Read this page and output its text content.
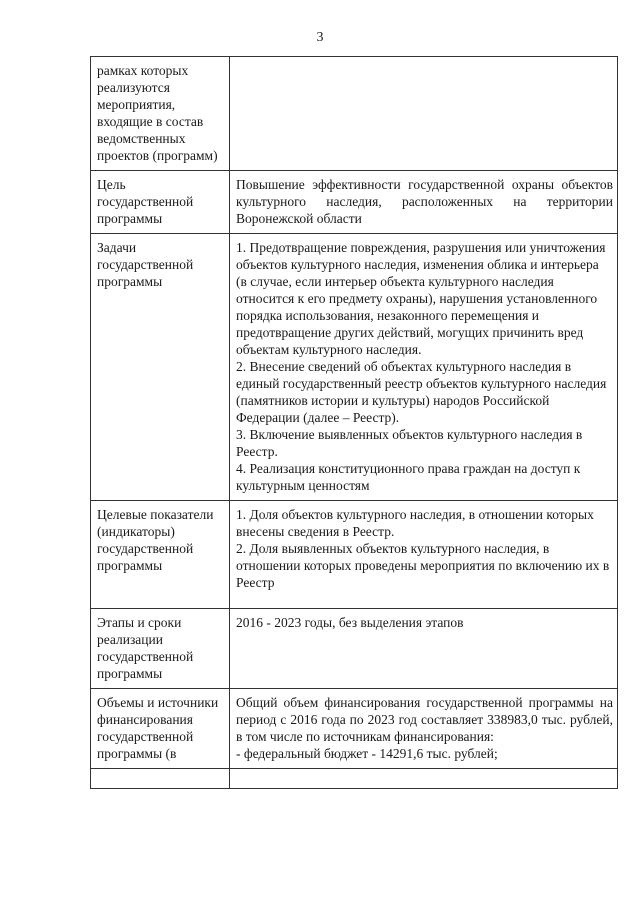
3
рамках которых реализуются мероприятия, входящие в состав ведомственных проектов (программ)	
Цель государственной программы	Повышение эффективности государственной охраны объектов культурного наследия, расположенных на территории Воронежской области

Задачи государственной программы	1. Предотвращение повреждения, разрушения или уничтожения объектов культурного наследия, изменения облика и интерьера (в случае, если интерьер объекта культурного наследия относится к его предмету охраны), нарушения установленного порядка использования, незаконного перемещения и предотвращение других действий, могущих причинить вред объектам культурного наследия.
2. Внесение сведений об объектах культурного наследия в единый государственный реестр объектов культурного наследия (памятников истории и культуры) народов Российской Федерации (далее – Реестр).
3. Включение выявленных объектов культурного наследия в Реестр.
4. Реализация конституционного права граждан на доступ к культурным ценностям

Целевые показатели (индикаторы) государственной программы	1. Доля объектов культурного наследия, в отношении которых внесены сведения в Реестр.
2. Доля выявленных объектов культурного наследия, в отношении которых проведены мероприятия по включению их в Реестр

Этапы и сроки реализации государственной программы	2016 - 2023 годы, без выделения этапов

Объемы и источники финансирования государственной программы (в	Общий объем финансирования государственной программы на период с 2016 года по 2023 год составляет 338983,0 тыс. рублей, в том числе по источникам финансирования:
- федеральный бюджет - 14291,6 тыс. рублей;
